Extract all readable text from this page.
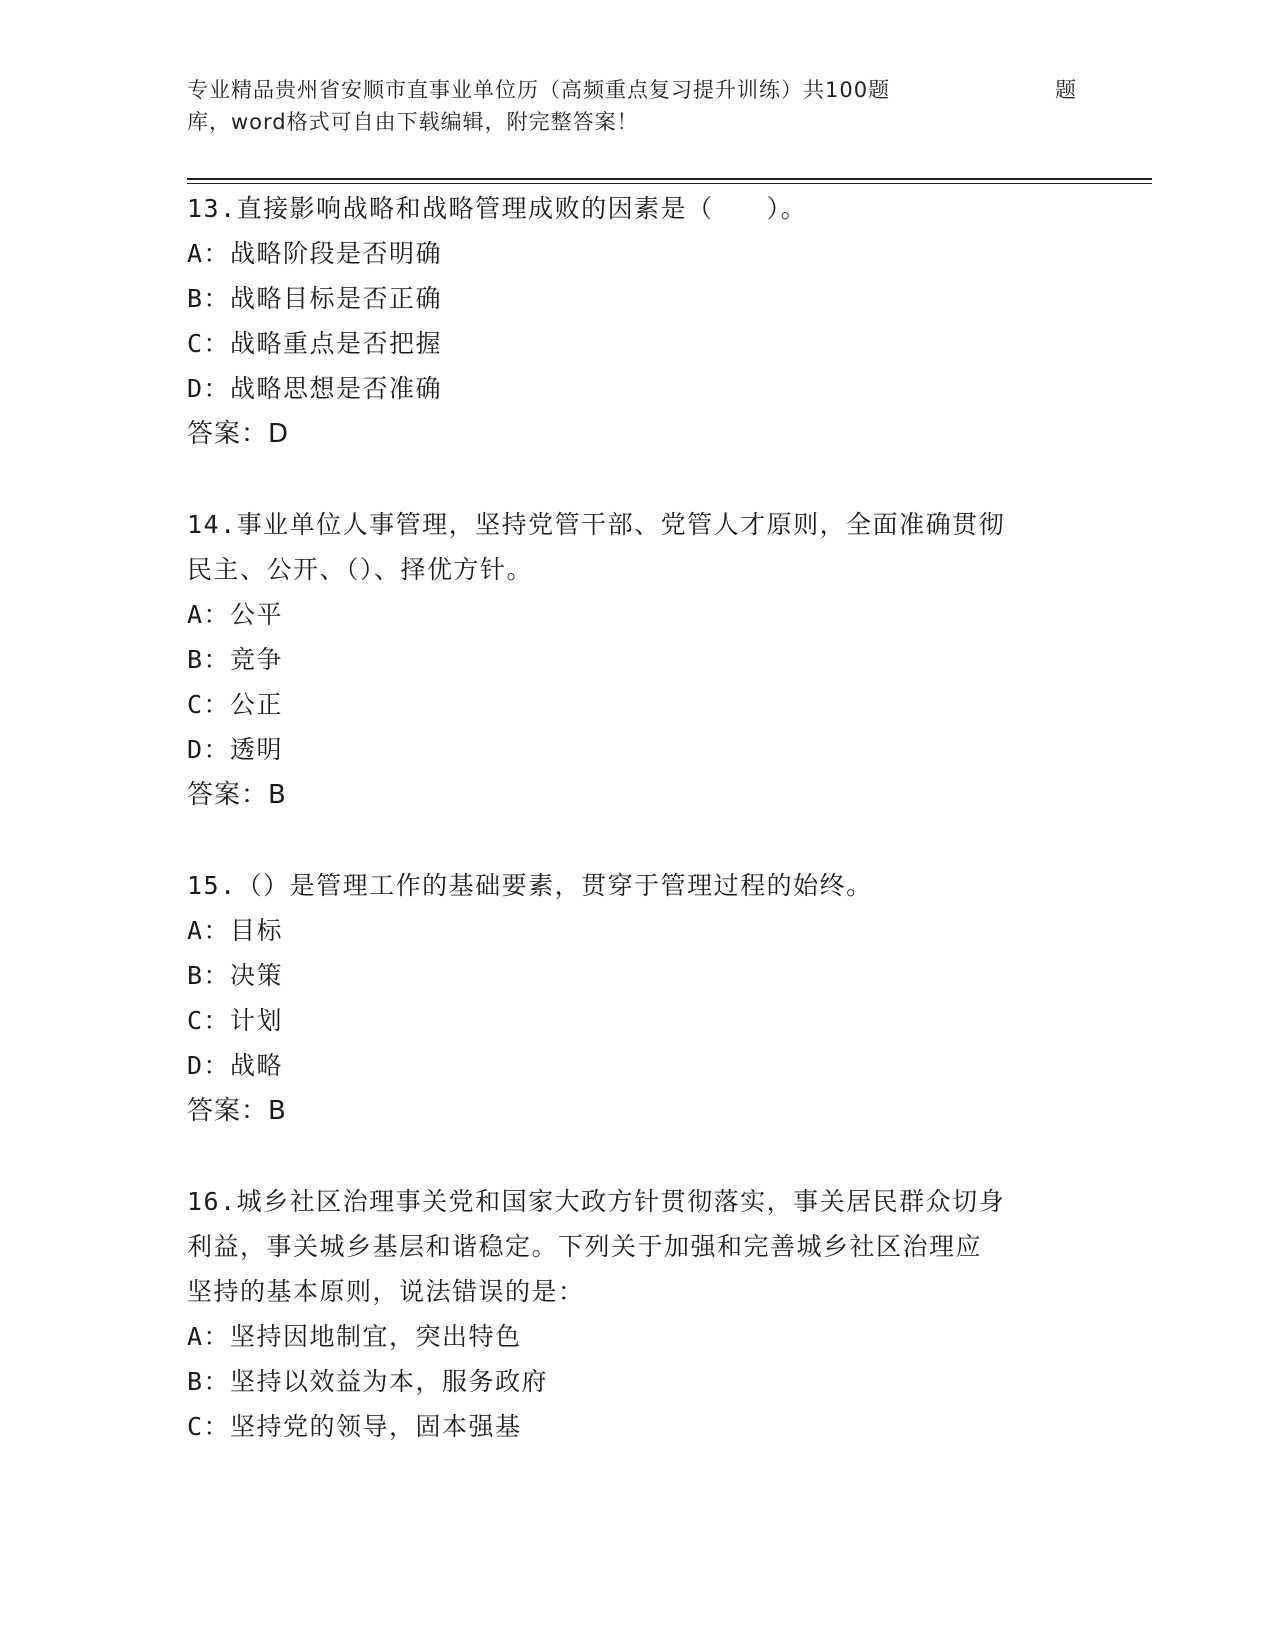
专业精品贵州省安顺市直事业单位历（高频重点复习提升训练）共100题	题
库，word格式可自由下载编辑，附完整答案！
13.直接影响战略和战略管理成败的因素是（　　）。
A：战略阶段是否明确
B：战略目标是否正确
C：战略重点是否把握
D：战略思想是否准确
答案：D
14.事业单位人事管理，坚持党管干部、党管人才原则，全面准确贯彻
民主、公开、（）、择优方针。
A：公平
B：竞争
C：公正
D：透明
答案：B
15.（）是管理工作的基础要素，贯穿于管理过程的始终。
A：目标
B：决策
C：计划
D：战略
答案：B
16.城乡社区治理事关党和国家大政方针贯彻落实，事关居民群众切身
利益，事关城乡基层和谐稳定。下列关于加强和完善城乡社区治理应
坚持的基本原则，说法错误的是：
A：坚持因地制宜，突出特色
B：坚持以效益为本，服务政府
C：坚持党的领导，固本强基
